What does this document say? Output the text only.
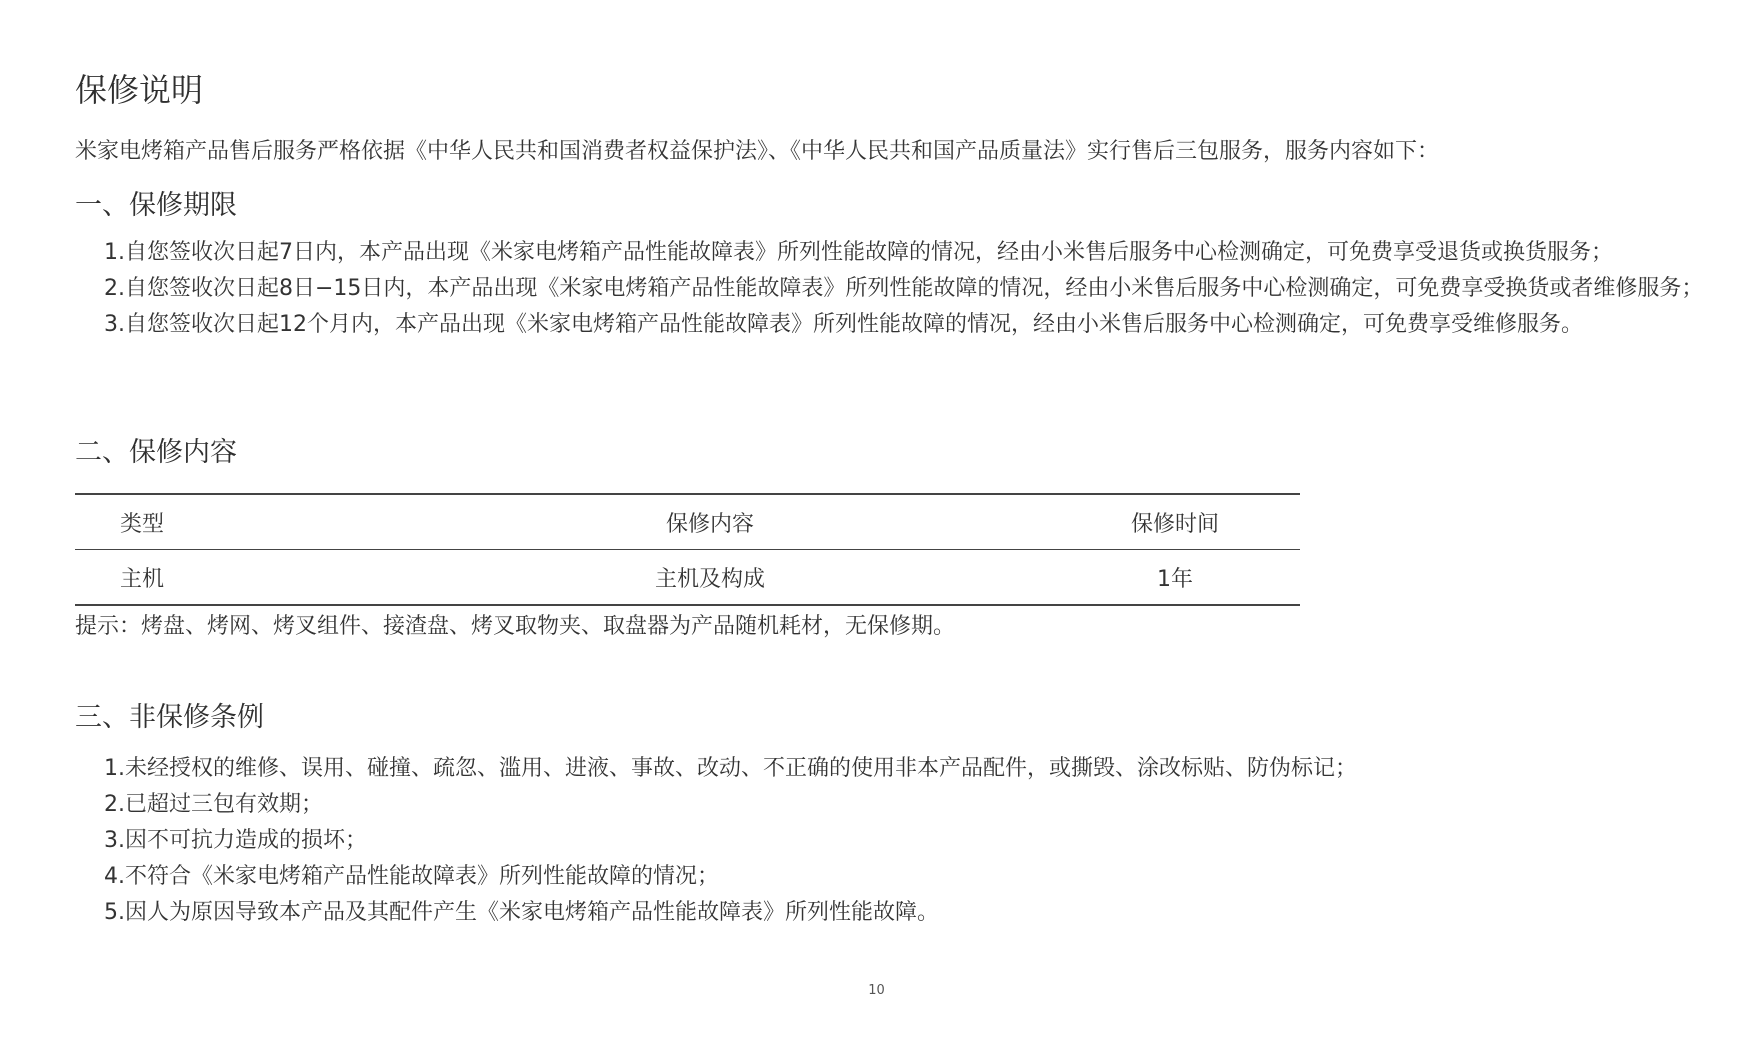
保修说明

米家电烤箱产品售后服务严格依据《中华人民共和国消费者权益保护法》、《中华人民共和国产品质量法》实行售后三包服务，服务内容如下：

一、保修期限
1. 自您签收次日起7日内，本产品出现《米家电烤箱产品性能故障表》所列性能故障的情况，经由小米售后服务中心检测确定，可免费享受退货或换货服务；
2. 自您签收次日起8日−15日内，本产品出现《米家电烤箱产品性能故障表》所列性能故障的情况，经由小米售后服务中心检测确定，可免费享受换货或者维修服务；
3. 自您签收次日起12个月内，本产品出现《米家电烤箱产品性能故障表》所列性能故障的情况，经由小米售后服务中心检测确定，可免费享受维修服务。
二、保修内容
类型	保修内容	保修时间
主机	主机及构成	1年

提示：烤盘、烤网、烤叉组件、接渣盘、烤叉取物夹、取盘器为产品随机耗材，无保修期。

三、非保修条例
1. 未经授权的维修、误用、碰撞、疏忽、滥用、进液、事故、改动、不正确的使用非本产品配件，或撕毁、涂改标贴、防伪标记；
2. 已超过三包有效期；
3. 因不可抗力造成的损坏；
4. 不符合《米家电烤箱产品性能故障表》所列性能故障的情况；
5. 因人为原因导致本产品及其配件产生《米家电烤箱产品性能故障表》所列性能故障。
10
